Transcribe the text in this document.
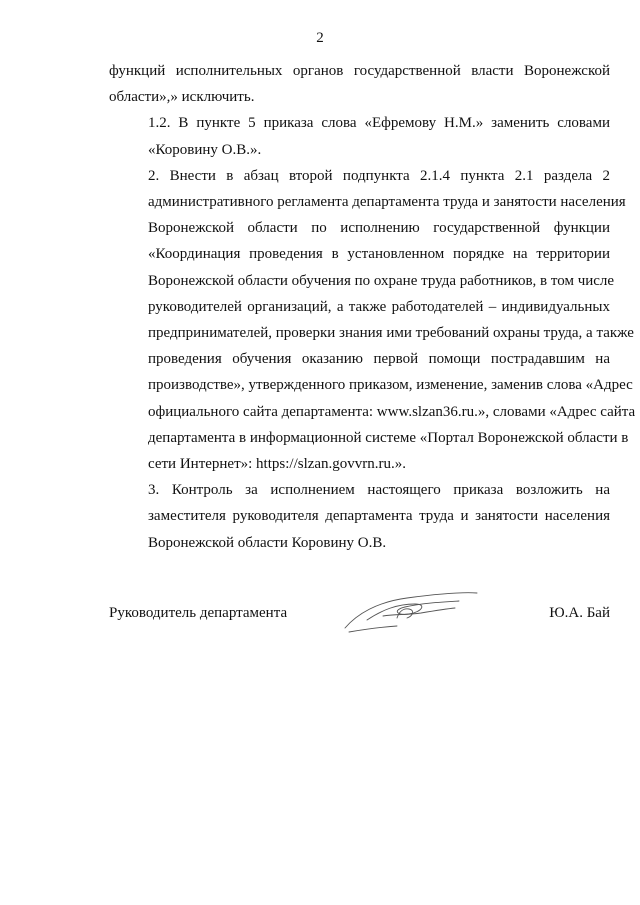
2

функций исполнительных органов государственной власти Воронежской
области»,» исключить.

1.2. В пункте 5 приказа слова «Ефремову Н.М.» заменить словами
«Коровину О.В.».

2. Внести в абзац второй подпункта 2.1.4 пункта 2.1 раздела 2
административного регламента департамента труда и занятости населения
Воронежской области по исполнению государственной функции
«Координация проведения в установленном порядке на территории
Воронежской области обучения по охране труда работников, в том числе
руководителей организаций, а также работодателей – индивидуальных
предпринимателей, проверки знания ими требований охраны труда, а также
проведения обучения оказанию первой помощи пострадавшим на
производстве», утвержденного приказом, изменение, заменив слова «Адрес
официального сайта департамента: www.slzan36.ru.», словами «Адрес сайта
департамента в информационной системе «Портал Воронежской области в
сети Интернет»: https://slzan.govvrn.ru.».

3. Контроль за исполнением настоящего приказа возложить на
заместителя руководителя департамента труда и занятости населения
Воронежской области Коровину О.В.

Руководитель департамента	Ю.А. Бай
